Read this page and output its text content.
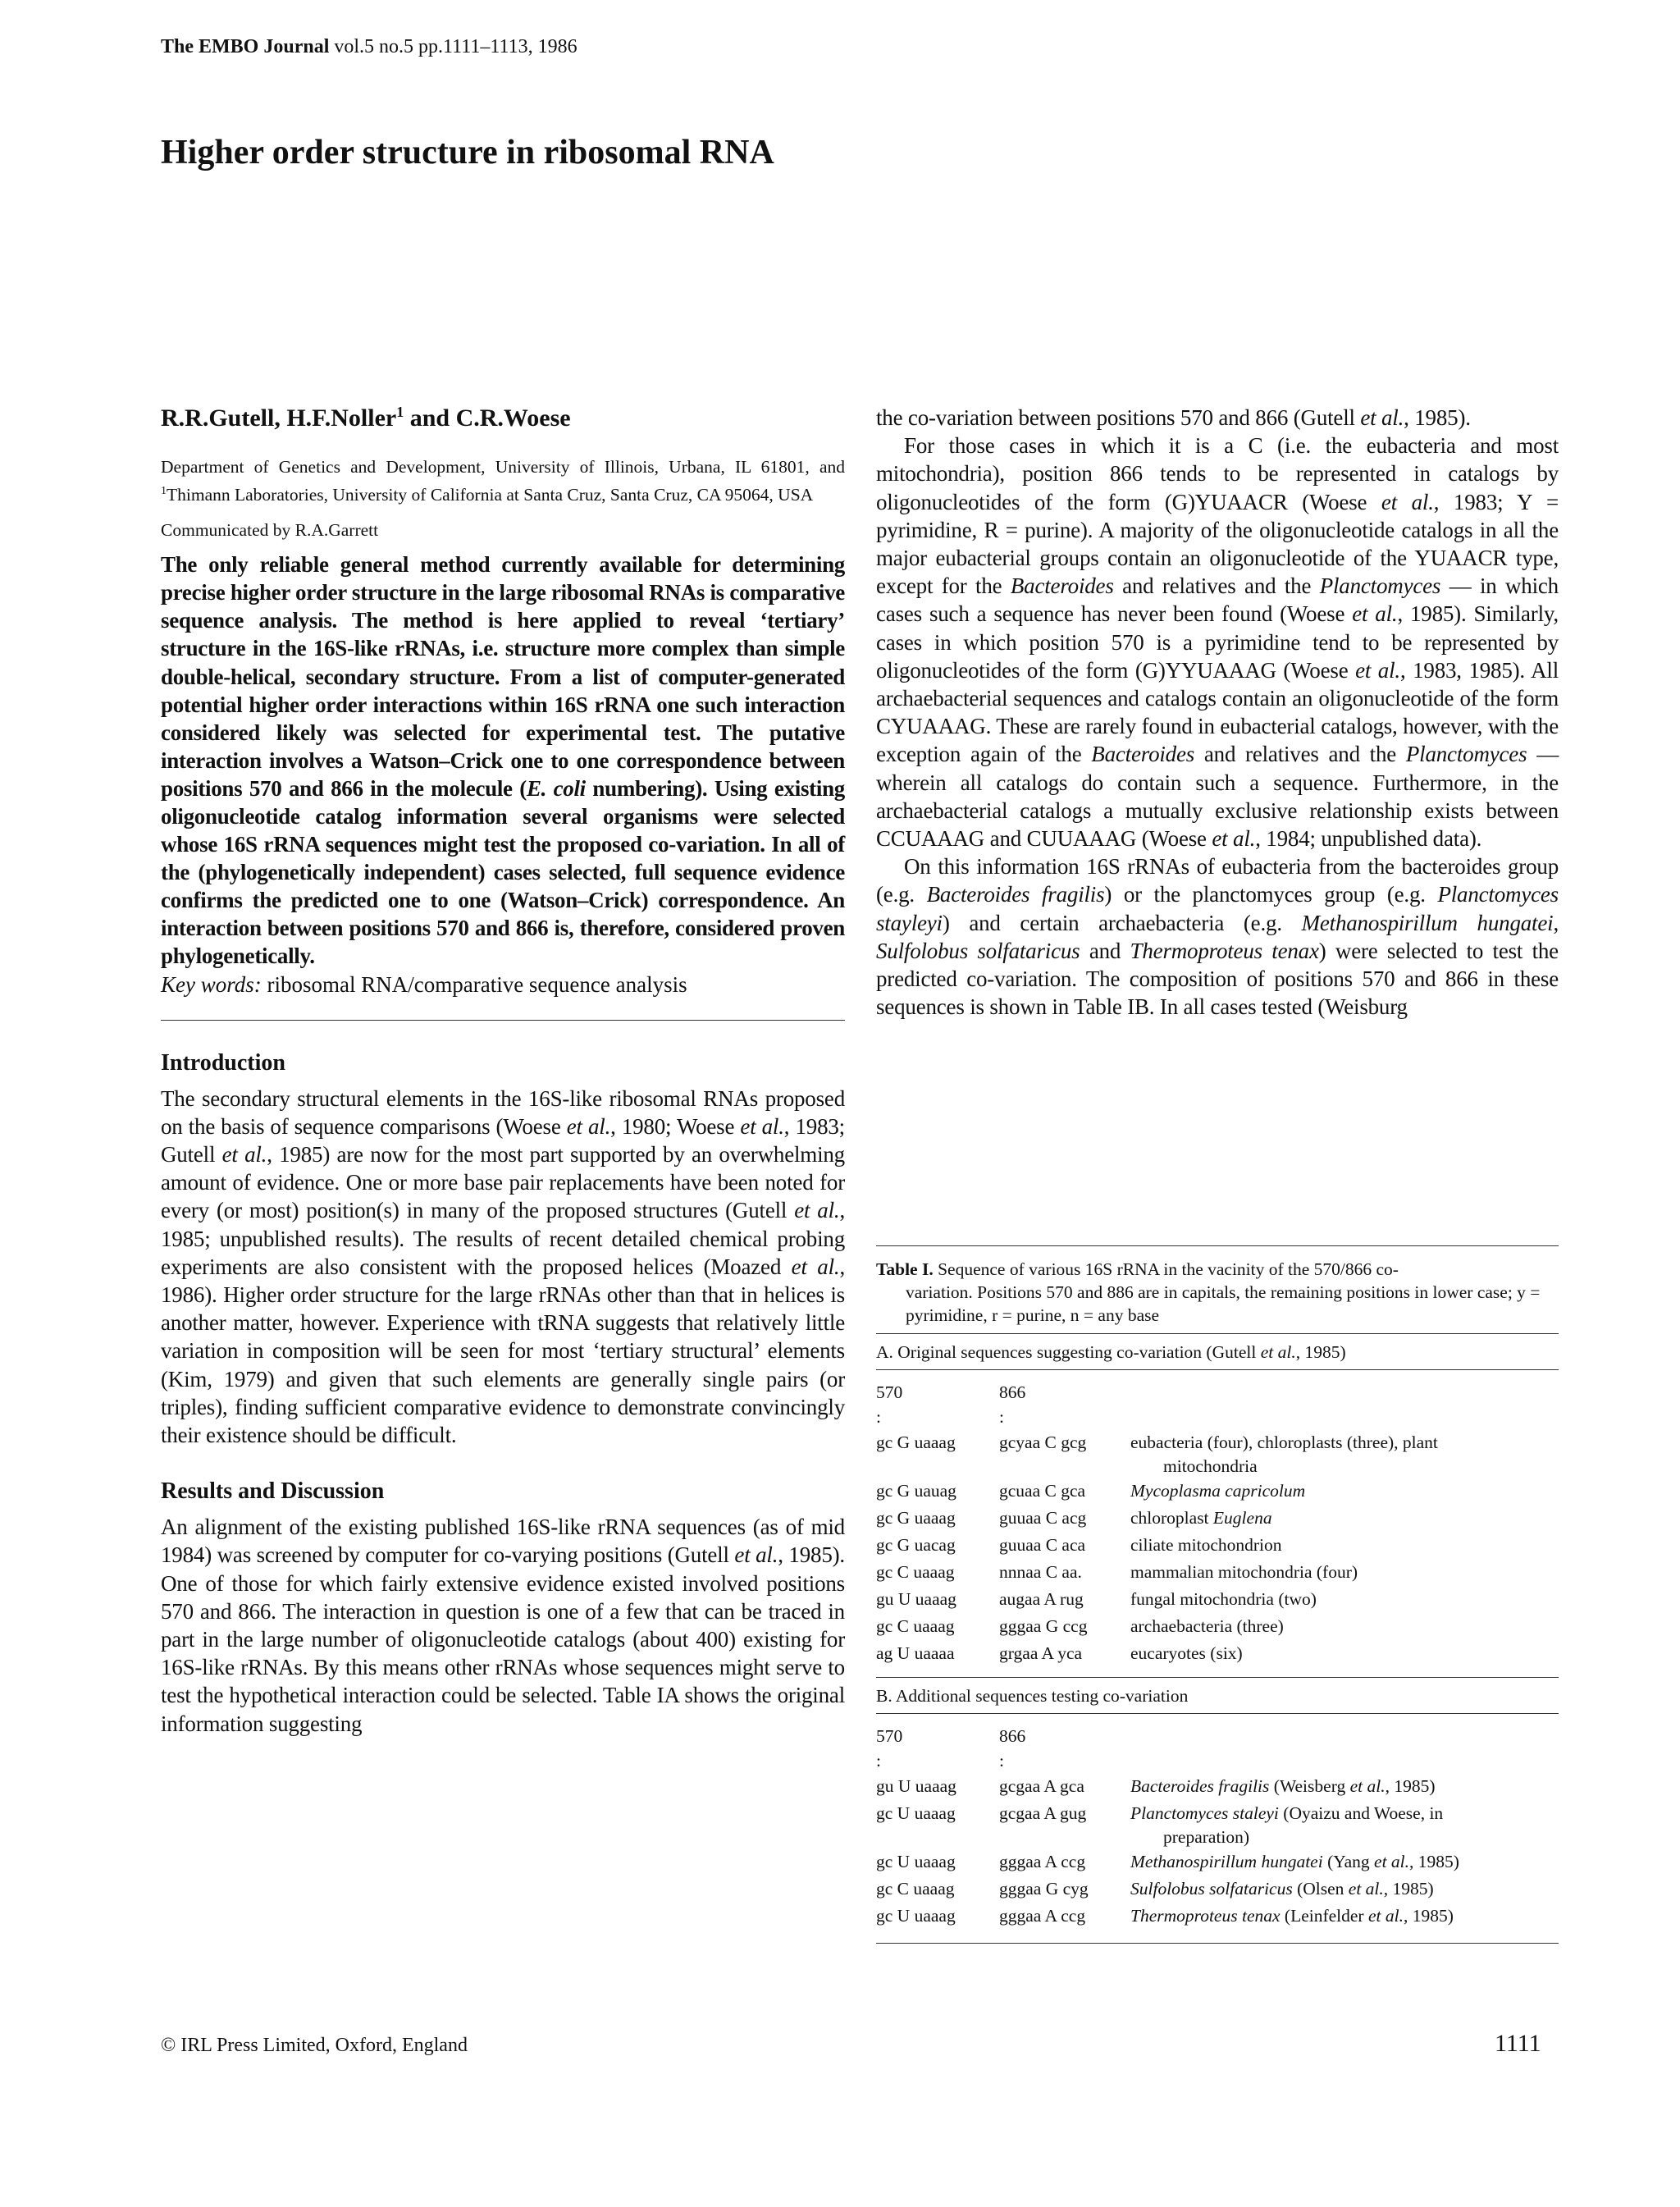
The EMBO Journal vol.5 no.5 pp.1111–1113, 1986
Higher order structure in ribosomal RNA

R.R.Gutell, H.F.Noller$^1$ and C.R.Woese

Department of Genetics and Development, University of Illinois, Urbana, IL 61801, and $^1$Thimann Laboratories, University of California at Santa Cruz, Santa Cruz, CA 95064, USA

Communicated by R.A.Garrett

The only reliable general method currently available for determining precise higher order structure in the large ribosomal RNAs is comparative sequence analysis. The method is here applied to reveal ‘tertiary’ structure in the 16S-like rRNAs, i.e. structure more complex than simple double-helical, secondary structure. From a list of computer-generated potential higher order interactions within 16S rRNA one such interaction considered likely was selected for experimental test. The putative interaction involves a Watson–Crick one to one correspondence between positions 570 and 866 in the molecule (E. coli numbering). Using existing oligonucleotide catalog information several organisms were selected whose 16S rRNA sequences might test the proposed co-variation. In all of the (phylogenetically independent) cases selected, full sequence evidence confirms the predicted one to one (Watson–Crick) correspondence. An interaction between positions 570 and 866 is, therefore, considered proven phylogenetically.

Key words: ribosomal RNA/comparative sequence analysis

Introduction

The secondary structural elements in the 16S-like ribosomal RNAs proposed on the basis of sequence comparisons (Woese et al., 1980; Woese et al., 1983; Gutell et al., 1985) are now for the most part supported by an overwhelming amount of evidence. One or more base pair replacements have been noted for every (or most) position(s) in many of the proposed structures (Gutell et al., 1985; unpublished results). The results of recent detailed chemical probing experiments are also consistent with the proposed helices (Moazed et al., 1986). Higher order structure for the large rRNAs other than that in helices is another matter, however. Experience with tRNA suggests that relatively little variation in composition will be seen for most ‘tertiary structural’ elements (Kim, 1979) and given that such elements are generally single pairs (or triples), finding sufficient comparative evidence to demonstrate convincingly their existence should be difficult.

Results and Discussion

An alignment of the existing published 16S-like rRNA sequences (as of mid 1984) was screened by computer for co-varying positions (Gutell et al., 1985). One of those for which fairly extensive evidence existed involved positions 570 and 866. The interaction in question is one of a few that can be traced in part in the large number of oligonucleotide catalogs (about 400) existing for 16S-like rRNAs. By this means other rRNAs whose sequences might serve to test the hypothetical interaction could be selected. Table IA shows the original information suggesting

the co-variation between positions 570 and 866 (Gutell et al., 1985).

For those cases in which it is a C (i.e. the eubacteria and most mitochondria), position 866 tends to be represented in catalogs by oligonucleotides of the form (G)YUAACR (Woese et al., 1983; Y = pyrimidine, R = purine). A majority of the oligonucleotide catalogs in all the major eubacterial groups contain an oligonucleotide of the YUAACR type, except for the Bacteroides and relatives and the Planctomyces — in which cases such a sequence has never been found (Woese et al., 1985). Similarly, cases in which position 570 is a pyrimidine tend to be represented by oligonucleotides of the form (G)YYUAAAG (Woese et al., 1983, 1985). All archaebacterial sequences and catalogs contain an oligonucleotide of the form CYUAAAG. These are rarely found in eubacterial catalogs, however, with the exception again of the Bacteroides and relatives and the Planctomyces — wherein all catalogs do contain such a sequence. Furthermore, in the archaebacterial catalogs a mutually exclusive relationship exists between CCUAAAG and CUUAAAG (Woese et al., 1984; unpublished data).

On this information 16S rRNAs of eubacteria from the bacteroides group (e.g. Bacteroides fragilis) or the planctomyces group (e.g. Planctomyces stayleyi) and certain archaebacteria (e.g. Methanospirillum hungatei, Sulfolobus solfataricus and Thermoproteus tenax) were selected to test the predicted co-variation. The composition of positions 570 and 866 in these sequences is shown in Table IB. In all cases tested (Weisburg

Table I. Sequence of various 16S rRNA in the vacinity of the 570/866 co-
variation. Positions 570 and 886 are in capitals, the remaining positions in lower case; y = pyrimidine, r = purine, n = any base
A. Original sequences suggesting co-variation (Gutell et al., 1985)
570	866
:	:
gc G uaaag	gcyaa C gcg	eubacteria (four), chloroplasts (three), plant
mitochondria
gc G uauag	gcuaa C gca	Mycoplasma capricolum
gc G uaaag	guuaa C acg	chloroplast Euglena
gc G uacag	guuaa C aca	ciliate mitochondrion
gc C uaaag	nnnaa C aa.	mammalian mitochondria (four)
gu U uaaag	augaa A rug	fungal mitochondria (two)
gc C uaaag	gggaa G ccg	archaebacteria (three)
ag U uaaaa	grgaa A yca	eucaryotes (six)
B. Additional sequences testing co-variation
570	866
:	:
gu U uaaag	gcgaa A gca	Bacteroides fragilis (Weisberg et al., 1985)
gc U uaaag	gcgaa A gug	Planctomyces staleyi (Oyaizu and Woese, in
preparation)
gc U uaaag	gggaa A ccg	Methanospirillum hungatei (Yang et al., 1985)
gc C uaaag	gggaa G cyg	Sulfolobus solfataricus (Olsen et al., 1985)
gc U uaaag	gggaa A ccg	Thermoproteus tenax (Leinfelder et al., 1985)
© IRL Press Limited, Oxford, England	1111
